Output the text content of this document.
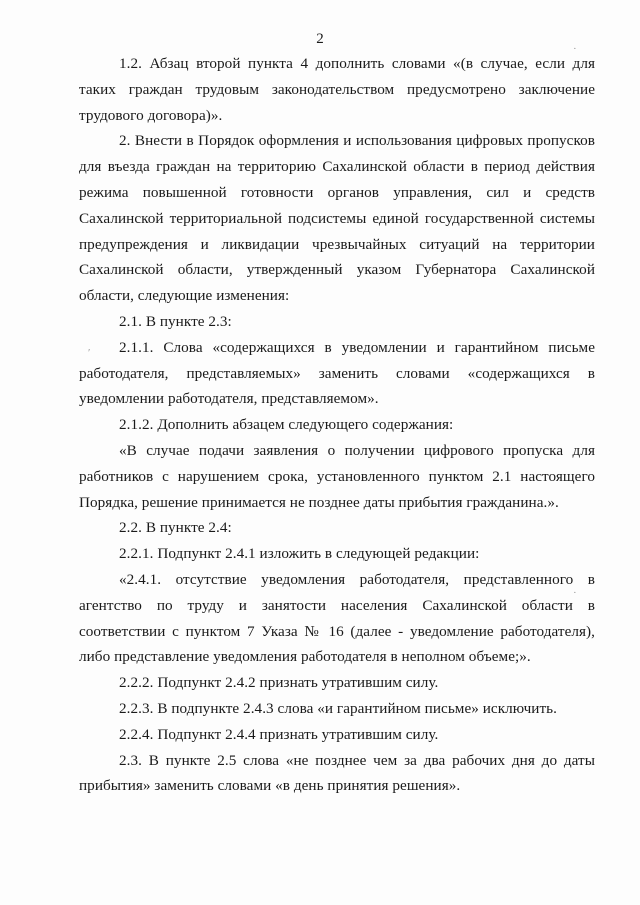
2
ʹ
·
·

1.2. Абзац второй пункта 4 дополнить словами «(в случае, если для таких граждан трудовым законодательством предусмотрено заключение трудового договора)».

2. Внести в Порядок оформления и использования цифровых пропусков для въезда граждан на территорию Сахалинской области в период действия режима повышенной готовности органов управления, сил и средств Сахалинской территориальной подсистемы единой государственной системы предупреждения и ликвидации чрезвычайных ситуаций на территории Сахалинской области, утвержденный указом Губернатора Сахалинской области, следующие изменения:

2.1. В пункте 2.3:

2.1.1. Слова «содержащихся в уведомлении и гарантийном письме работодателя, представляемых» заменить словами «содержащихся в уведомлении работодателя, представляемом».

2.1.2. Дополнить абзацем следующего содержания:

«В случае подачи заявления о получении цифрового пропуска для работников с нарушением срока, установленного пунктом 2.1 настоящего Порядка, решение принимается не позднее даты прибытия гражданина.».

2.2. В пункте 2.4:

2.2.1. Подпункт 2.4.1 изложить в следующей редакции:

«2.4.1. отсутствие уведомления работодателя, представленного в агентство по труду и занятости населения Сахалинской области в соответствии с пунктом 7 Указа № 16 (далее - уведомление работодателя), либо представление уведомления работодателя в неполном объеме;».

2.2.2. Подпункт 2.4.2 признать утратившим силу.

2.2.3. В подпункте 2.4.3 слова «и гарантийном письме» исключить.

2.2.4. Подпункт 2.4.4 признать утратившим силу.

2.3. В пункте 2.5 слова «не позднее чем за два рабочих дня до даты прибытия» заменить словами «в день принятия решения».
